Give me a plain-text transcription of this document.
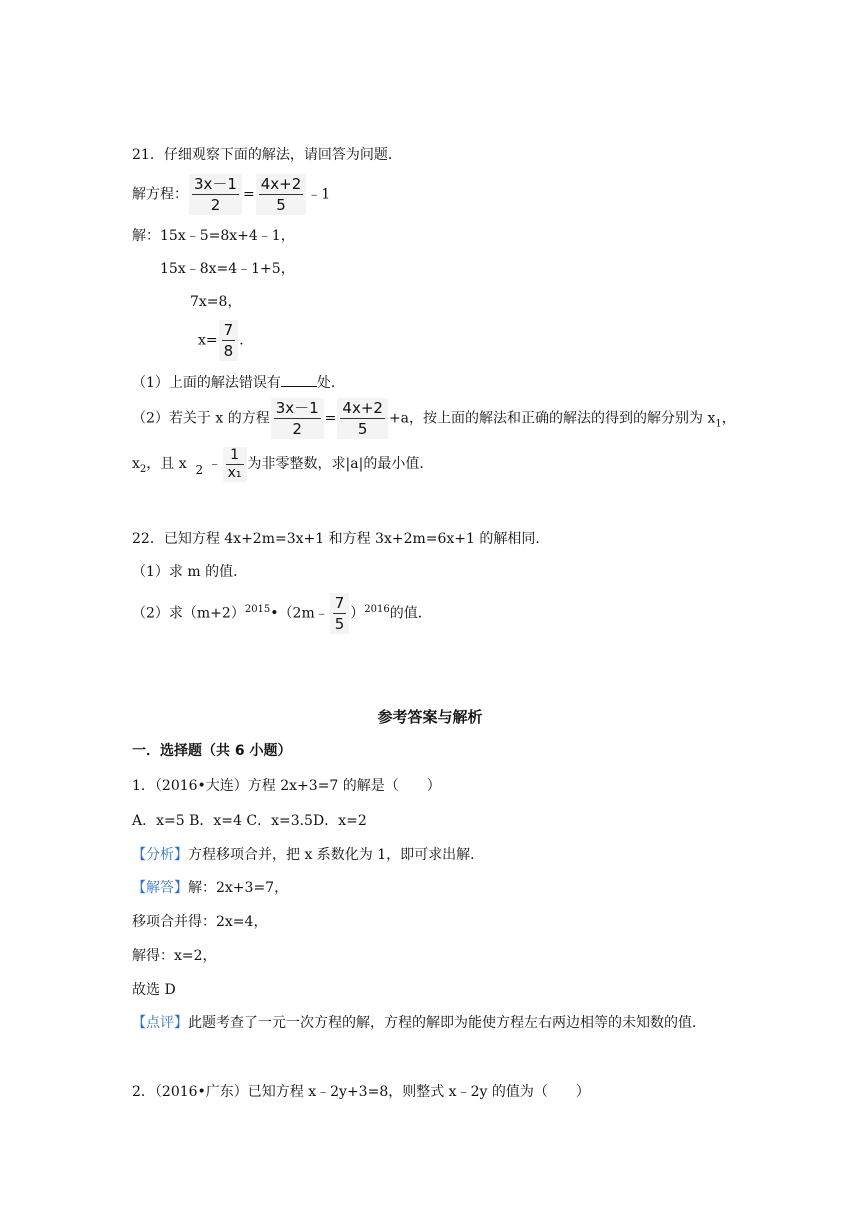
21．仔细观察下面的解法，请回答为问题．
解方程： $\frac{3x-1}{2} = \frac{4x+2}{5}$ ﹣1
解：15x﹣5=8x+4﹣1，
15x﹣8x=4﹣1+5，
7x=8，
$x= \frac{7}{8}$ ．
（1）上面的解法错误有	处．
（2）若关于 x 的方程 $\frac{3x-1}{2} = \frac{4x+2}{5} +a$，按上面的解法和正确的解法的得到的解分别为 $x_1$，
$x_2$，且 x 2 ﹣ $\frac{1}{\text{x₁}}$ 为非零整数，求|a|的最小值．
22．已知方程 4x+2m=3x+1 和方程 3x+2m=6x+1 的解相同．
（1）求 m 的值．
（2）求$(m+2)^{2015}•(2m﹣ \frac{7}{5} )^{2016}$的值．
参考答案与解析
一．选择题（共 6 小题）
1．（2016•大连）方程 2x+3=7 的解是（　　）
A．x=5 B．x=4 C．x=3.5D．x=2
【分析】方程移项合并，把 x 系数化为 1，即可求出解．
【解答】解：2x+3=7，
移项合并得：2x=4，
解得：x=2，
故选 D
【点评】此题考查了一元一次方程的解，方程的解即为能使方程左右两边相等的未知数的值．
2．（2016•广东）已知方程 x﹣2y+3=8，则整式 x﹣2y 的值为（　　）
